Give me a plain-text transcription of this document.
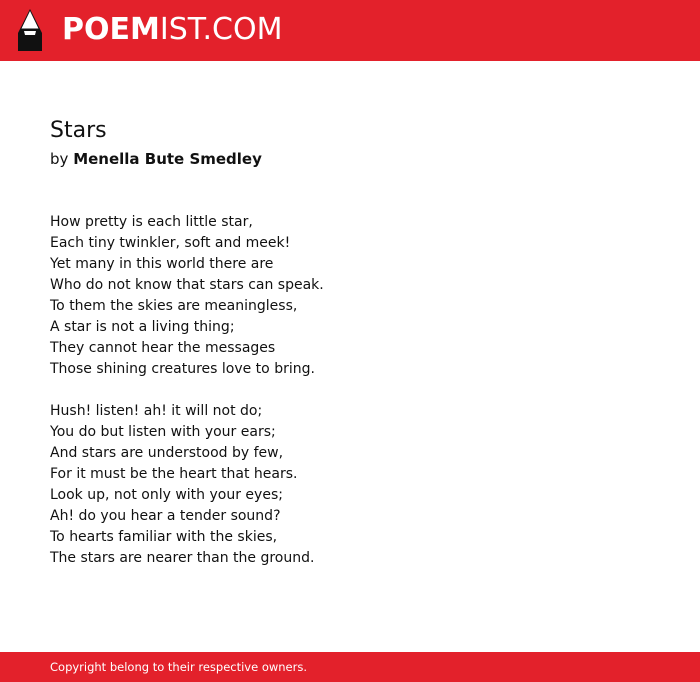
POEMIST.COM
Stars
by Menella Bute Smedley
How pretty is each little star,
Each tiny twinkler, soft and meek!
Yet many in this world there are
Who do not know that stars can speak.
To them the skies are meaningless,
A star is not a living thing;
They cannot hear the messages
Those shining creatures love to bring.
Hush! listen! ah! it will not do;
You do but listen with your ears;
And stars are understood by few,
For it must be the heart that hears.
Look up, not only with your eyes;
Ah! do you hear a tender sound?
To hearts familiar with the skies,
The stars are nearer than the ground.
Copyright belong to their respective owners.
